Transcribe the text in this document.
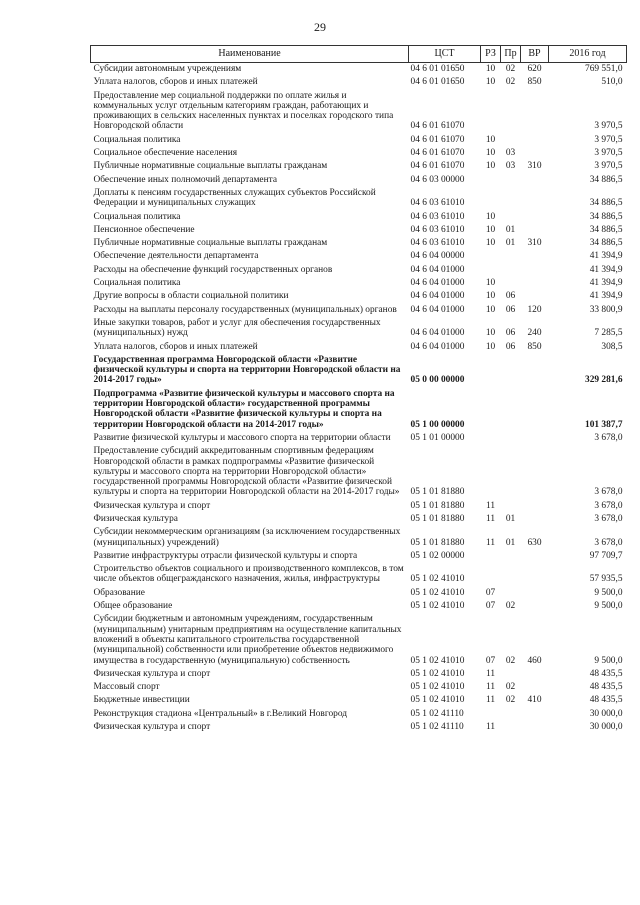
29
Наименование	ЦСТ	РЗ	Пр	ВР	2016 год
Субсидии автономным учреждениям	04 6 01 01650	10	02	620	769 551,0
Уплата налогов, сборов и иных платежей	04 6 01 01650	10	02	850	510,0
Предоставление мер социальной поддержки по оплате жилья и коммунальных услуг отдельным категориям граждан, работающих и проживающих в сельских населенных пунктах и поселках городского типа Новгородской области	04 6 01 61070				3 970,5
Социальная политика	04 6 01 61070	10			3 970,5
Социальное обеспечение населения	04 6 01 61070	10	03		3 970,5
Публичные нормативные социальные выплаты гражданам	04 6 01 61070	10	03	310	3 970,5
Обеспечение иных полномочий департамента	04 6 03 00000				34 886,5
Доплаты к пенсиям государственных служащих субъектов Российской Федерации и муниципальных служащих	04 6 03 61010				34 886,5
Социальная политика	04 6 03 61010	10			34 886,5
Пенсионное обеспечение	04 6 03 61010	10	01		34 886,5
Публичные нормативные социальные выплаты гражданам	04 6 03 61010	10	01	310	34 886,5
Обеспечение деятельности департамента	04 6 04 00000				41 394,9
Расходы на обеспечение функций государственных органов	04 6 04 01000				41 394,9
Социальная политика	04 6 04 01000	10			41 394,9
Другие вопросы в области социальной политики	04 6 04 01000	10	06		41 394,9
Расходы на выплаты персоналу государственных (муниципальных) органов	04 6 04 01000	10	06	120	33 800,9
Иные закупки товаров, работ и услуг для обеспечения государственных (муниципальных) нужд	04 6 04 01000	10	06	240	7 285,5
Уплата налогов, сборов и иных платежей	04 6 04 01000	10	06	850	308,5
Государственная программа Новгородской области «Развитие физической культуры и спорта на территории Новгородской области на 2014-2017 годы»	05 0 00 00000				329 281,6
Подпрограмма «Развитие физической культуры и массового спорта на территории Новгородской области» государственной программы Новгородской области «Развитие физической культуры и спорта на территории Новгородской области на 2014-2017 годы»	05 1 00 00000				101 387,7
Развитие физической культуры и массового спорта на территории области	05 1 01 00000				3 678,0
Предоставление субсидий аккредитованным спортивным федерациям Новгородской области в рамках подпрограммы «Развитие физической культуры и массового спорта на территории Новгородской области» государственной программы Новгородской области «Развитие физической культуры и спорта на территории Новгородской области на 2014-2017 годы»	05 1 01 81880				3 678,0
Физическая культура и спорт	05 1 01 81880	11			3 678,0
Физическая культура	05 1 01 81880	11	01		3 678,0
Субсидии некоммерческим организациям (за исключением государственных (муниципальных) учреждений)	05 1 01 81880	11	01	630	3 678,0
Развитие инфраструктуры отрасли физической культуры и спорта	05 1 02 00000				97 709,7
Строительство объектов социального и производственного комплексов, в том числе объектов общегражданского назначения, жилья, инфраструктуры	05 1 02 41010				57 935,5
Образование	05 1 02 41010	07			9 500,0
Общее образование	05 1 02 41010	07	02		9 500,0
Субсидии бюджетным и автономным учреждениям, государственным (муниципальным) унитарным предприятиям на осуществление капитальных вложений в объекты капитального строительства государственной (муниципальной) собственности или приобретение объектов недвижимого имущества в государственную (муниципальную) собственность	05 1 02 41010	07	02	460	9 500,0
Физическая культура и спорт	05 1 02 41010	11			48 435,5
Массовый спорт	05 1 02 41010	11	02		48 435,5
Бюджетные инвестиции	05 1 02 41010	11	02	410	48 435,5
Реконструкция стадиона «Центральный» в г.Великий Новгород	05 1 02 41110				30 000,0
Физическая культура и спорт	05 1 02 41110	11			30 000,0
